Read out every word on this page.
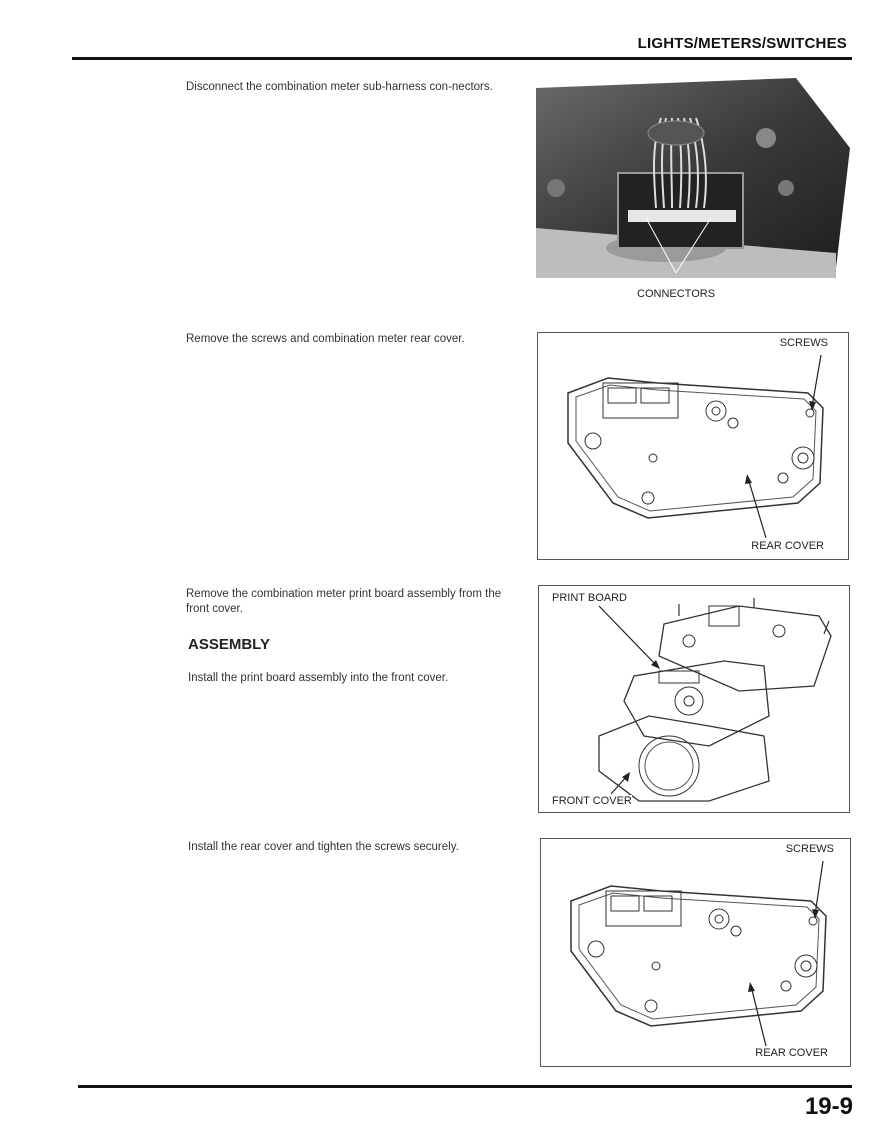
LIGHTS/METERS/SWITCHES
Disconnect the combination meter sub-harness con-nectors.
CONNECTORS
Remove the screws and combination meter rear cover.	SCREWS
REAR COVER
Remove the combination meter print board assembly from the front cover.
ASSEMBLY
Install the print board assembly into the front cover.
PRINT BOARD
FRONT COVER
Install the rear cover and tighten the screws securely.	SCREWS
REAR COVER
19-9
